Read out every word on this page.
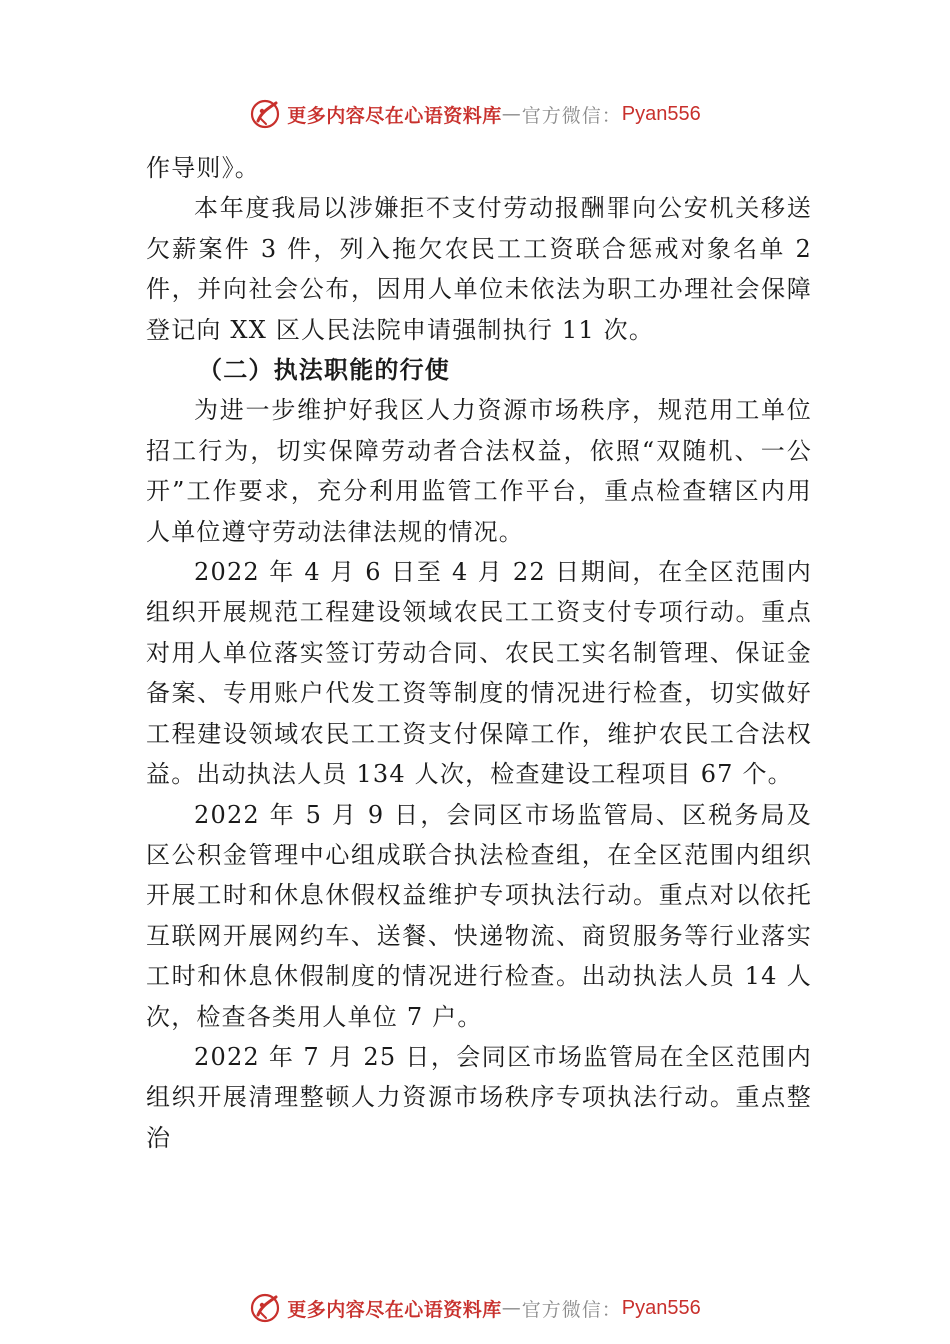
更多内容尽在心语资料库 — 官方微信： Pyan556

作导则》。

本年度我局以涉嫌拒不支付劳动报酬罪向公安机关移送欠薪案件 3 件，列入拖欠农民工工资联合惩戒对象名单 2 件，并向社会公布，因用人单位未依法为职工办理社会保障登记向 XX 区人民法院申请强制执行 11 次。

（二）执法职能的行使

为进一步维护好我区人力资源市场秩序，规范用工单位招工行为，切实保障劳动者合法权益，依照“双随机、一公开”工作要求，充分利用监管工作平台，重点检查辖区内用人单位遵守劳动法律法规的情况。

2022 年 4 月 6 日至 4 月 22 日期间，在全区范围内组织开展规范工程建设领域农民工工资支付专项行动。重点对用人单位落实签订劳动合同、农民工实名制管理、保证金备案、专用账户代发工资等制度的情况进行检查，切实做好工程建设领域农民工工资支付保障工作，维护农民工合法权益。出动执法人员 134 人次，检查建设工程项目 67 个。

2022 年 5 月 9 日，会同区市场监管局、区税务局及区公积金管理中心组成联合执法检查组，在全区范围内组织开展工时和休息休假权益维护专项执法行动。重点对以依托互联网开展网约车、送餐、快递物流、商贸服务等行业落实工时和休息休假制度的情况进行检查。出动执法人员 14 人次，检查各类用人单位 7 户。

2022 年 7 月 25 日，会同区市场监管局在全区范围内组织开展清理整顿人力资源市场秩序专项执法行动。重点整治

更多内容尽在心语资料库 — 官方微信： Pyan556
